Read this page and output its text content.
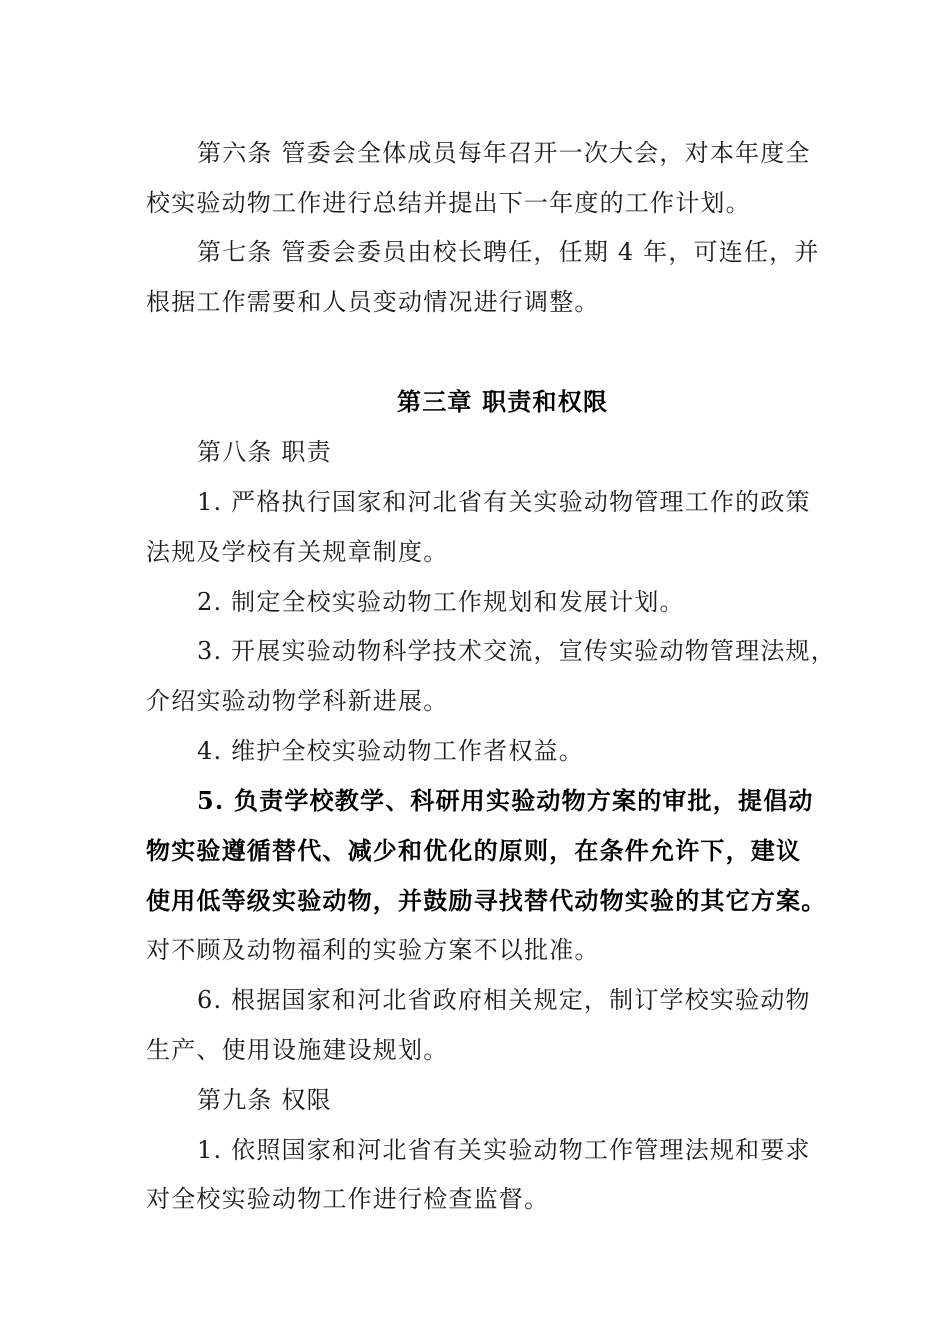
第六条 管委会全体成员每年召开一次大会，对本年度全
校实验动物工作进行总结并提出下一年度的工作计划。
第七条 管委会委员由校长聘任，任期 4 年，可连任，并
根据工作需要和人员变动情况进行调整。
第三章 职责和权限
第八条 职责
1. 严格执行国家和河北省有关实验动物管理工作的政策
法规及学校有关规章制度。
2. 制定全校实验动物工作规划和发展计划。
3. 开展实验动物科学技术交流，宣传实验动物管理法规，
介绍实验动物学科新进展。
4. 维护全校实验动物工作者权益。
5. 负责学校教学、科研用实验动物方案的审批，提倡动
物实验遵循替代、减少和优化的原则，在条件允许下，建议
使用低等级实验动物，并鼓励寻找替代动物实验的其它方案。
对不顾及动物福利的实验方案不以批准。
6. 根据国家和河北省政府相关规定，制订学校实验动物
生产、使用设施建设规划。
第九条 权限
1. 依照国家和河北省有关实验动物工作管理法规和要求
对全校实验动物工作进行检查监督。
